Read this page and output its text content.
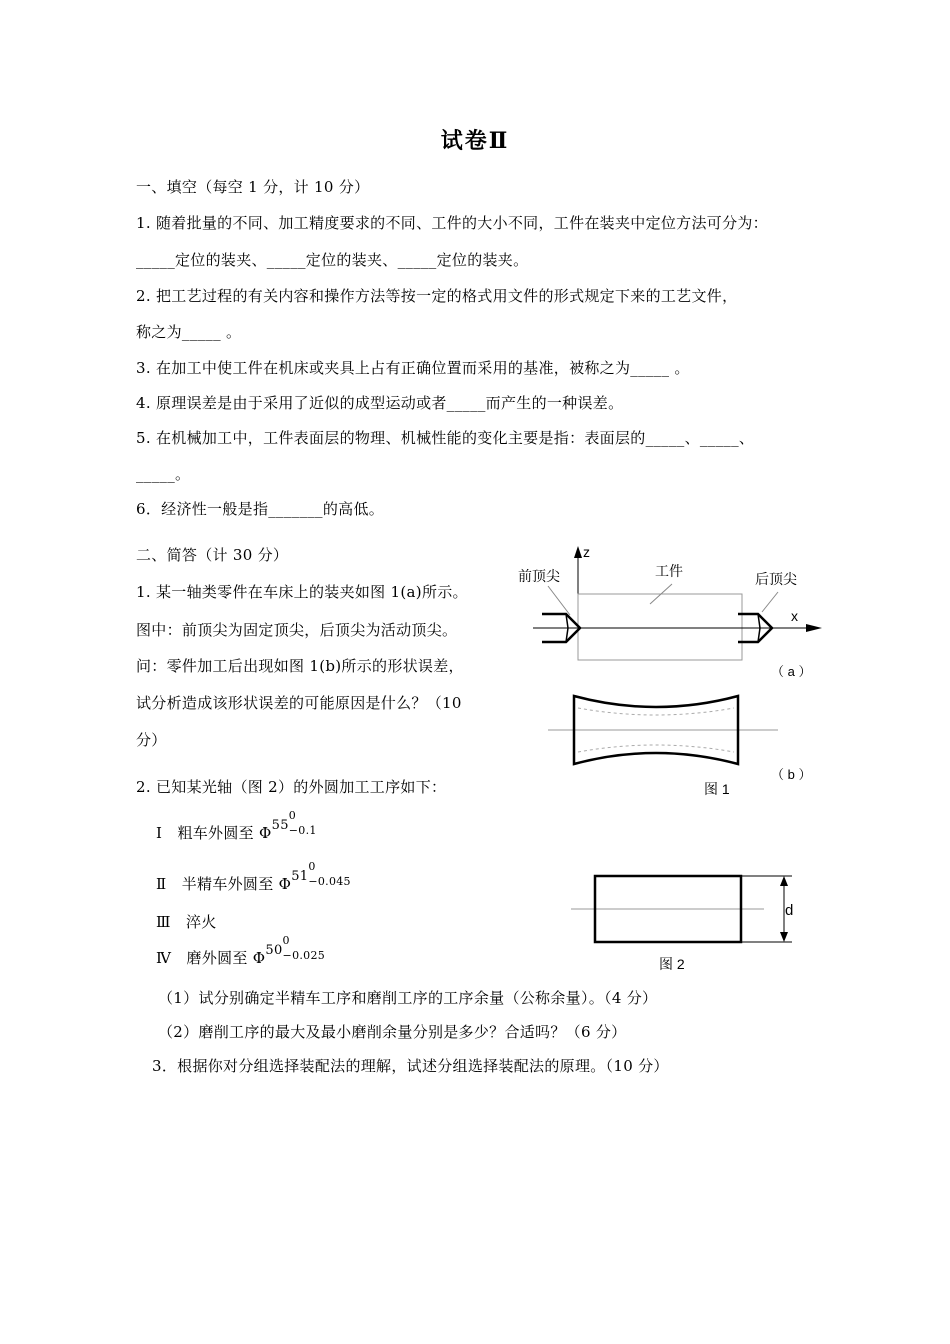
试卷Ⅱ
一、填空（每空 1 分，计 10 分）
1. 随着批量的不同、加工精度要求的不同、工件的大小不同，工件在装夹中定位方法可分为：
_____定位的装夹、_____定位的装夹、_____定位的装夹。
2. 把工艺过程的有关内容和操作方法等按一定的格式用文件的形式规定下来的工艺文件，
称之为_____ 。
3. 在加工中使工件在机床或夹具上占有正确位置而采用的基准，被称之为_____ 。
4. 原理误差是由于采用了近似的成型运动或者_____而产生的一种误差。
5. 在机械加工中，工件表面层的物理、机械性能的变化主要是指：表面层的_____、_____、
_____。
6．经济性一般是指_______的高低。
二、简答（计 30 分）
1. 某一轴类零件在车床上的装夹如图 1(a)所示。
图中：前顶尖为固定顶尖，后顶尖为活动顶尖。
问：零件加工后出现如图 1(b)所示的形状误差，
试分析造成该形状误差的可能原因是什么？（10
分）
2. 已知某光轴（图 2）的外圆加工工序如下：
Ⅰ 粗车外圆至 Φ55
0
−0.1
Ⅱ 半精车外圆至 Φ51
0
−0.045
Ⅲ 淬火
Ⅳ 磨外圆至 Φ50
0
−0.025
（1）试分别确定半精车工序和磨削工序的工序余量（公称余量）。（4 分）
（2）磨削工序的最大及最小磨削余量分别是多少？合适吗？（6 分）
3．根据你对分组选择装配法的理解，试述分组选择装配法的原理。（10 分）
z
x
前顶尖	工件	后顶尖
（ a ）
（ b ）
图 1
d
图 2
